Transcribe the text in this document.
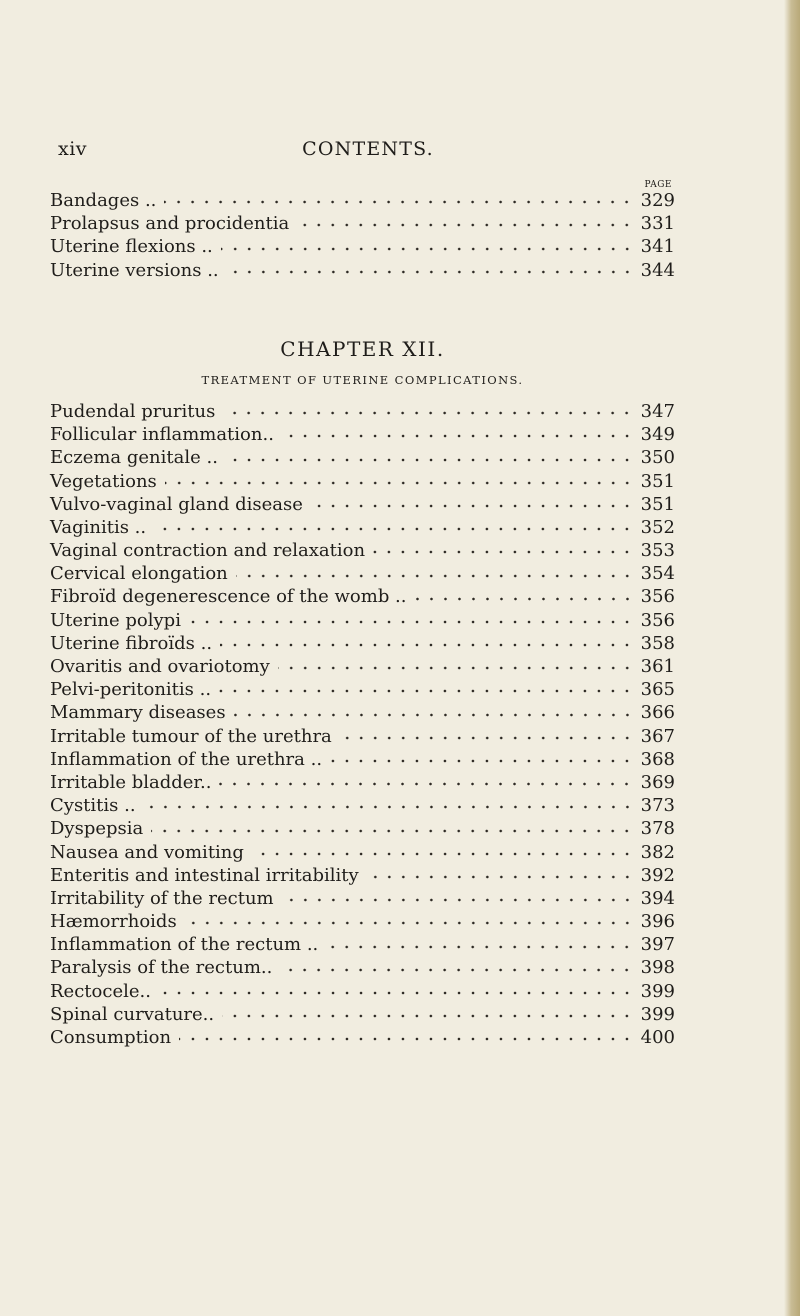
xiv	CONTENTS.
PAGE
Bandages ..	329
Prolapsus and procidentia	331
Uterine flexions ..	341
Uterine versions ..	344
CHAPTER XII.
TREATMENT OF UTERINE COMPLICATIONS.
Pudendal pruritus	347
Follicular inflammation..	349
Eczema genitale ..	350
Vegetations	351
Vulvo-vaginal gland disease	351
Vaginitis ..	352
Vaginal contraction and relaxation	353
Cervical elongation	354
Fibroïd degenerescence of the womb ..	356
Uterine polypi	356
Uterine fibroïds ..	358
Ovaritis and ovariotomy	361
Pelvi-peritonitis ..	365
Mammary diseases	366
Irritable tumour of the urethra	367
Inflammation of the urethra ..	368
Irritable bladder..	369
Cystitis ..	373
Dyspepsia	378
Nausea and vomiting	382
Enteritis and intestinal irritability	392
Irritability of the rectum	394
Hæmorrhoids	396
Inflammation of the rectum ..	397
Paralysis of the rectum..	398
Rectocele..	399
Spinal curvature..	399
Consumption	400
